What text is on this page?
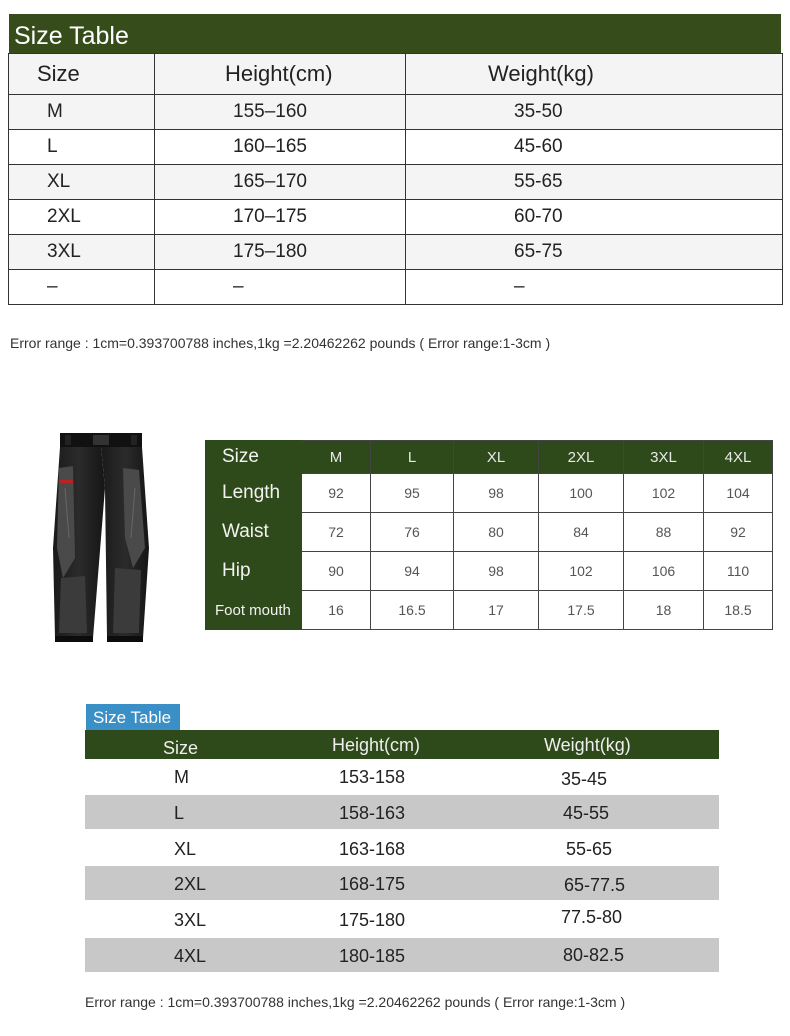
Size Table
Size	Height(cm)	Weight(kg)
M	155–160	35-50
L	160–165	45-60
XL	165–170	55-65
2XL	170–175	60-70
3XL	175–180	65-75
–	–	–
Error range : 1cm=0.393700788 inches,1kg =2.20462262 pounds ( Error range:1-3cm )
Size	M	L	XL	2XL	3XL	4XL
Length	92	95	98	100	102	104
Waist	72	76	80	84	88	92
Hip	90	94	98	102	106	110
Foot mouth	16	16.5	17	17.5	18	18.5
Size Table
Size	Height(cm)	Weight(kg)
M	153-158	35-45
L	158-163	45-55
XL	163-168	55-65
2XL	168-175	65-77.5
3XL	175-180	77.5-80
4XL	180-185	80-82.5
Error range : 1cm=0.393700788 inches,1kg =2.20462262 pounds ( Error range:1-3cm )
